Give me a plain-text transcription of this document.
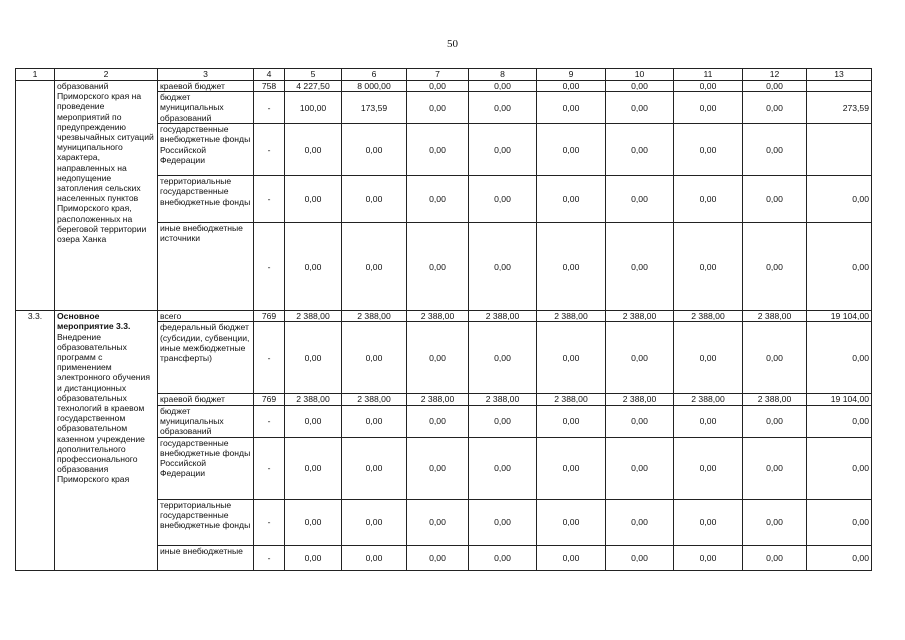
50
1	2	3	4	5	6	7	8	9	10	11	12	13
	образований Приморского края на проведение мероприятий по предупреждению чрезвычайных ситуаций муниципального характера, направленных на недопущение затопления сельских населенных пунктов Приморского края, расположенных на береговой территории озера Ханка	краевой бюджет	758	4 227,50	8 000,00	0,00	0,00	0,00	0,00	0,00	0,00	
		бюджет муниципальных образований	-	100,00	173,59	0,00	0,00	0,00	0,00	0,00	0,00	273,59
		государственные внебюджетные фонды Российской Федерации	-	0,00	0,00	0,00	0,00	0,00	0,00	0,00	0,00	
		территориальные государственные внебюджетные фонды	-	0,00	0,00	0,00	0,00	0,00	0,00	0,00	0,00	0,00
		иные внебюджетные источники	-	0,00	0,00	0,00	0,00	0,00	0,00	0,00	0,00	0,00
3.3.	Основное мероприятие 3.3. Внедрение образовательных программ с применением электронного обучения и дистанционных образовательных технологий в краевом государственном образовательном казенном учреждение дополнительного профессионального образования Приморского края	всего	769	2 388,00	2 388,00	2 388,00	2 388,00	2 388,00	2 388,00	2 388,00	2 388,00	19 104,00
		федеральный бюджет (субсидии, субвенции, иные межбюджетные трансферты)	-	0,00	0,00	0,00	0,00	0,00	0,00	0,00	0,00	0,00
		краевой бюджет	769	2 388,00	2 388,00	2 388,00	2 388,00	2 388,00	2 388,00	2 388,00	2 388,00	19 104,00
		бюджет муниципальных образований	-	0,00	0,00	0,00	0,00	0,00	0,00	0,00	0,00	0,00
		государственные внебюджетные фонды Российской Федерации	-	0,00	0,00	0,00	0,00	0,00	0,00	0,00	0,00	0,00
		территориальные государственные внебюджетные фонды	-	0,00	0,00	0,00	0,00	0,00	0,00	0,00	0,00	0,00
		иные внебюджетные	-	0,00	0,00	0,00	0,00	0,00	0,00	0,00	0,00	0,00
